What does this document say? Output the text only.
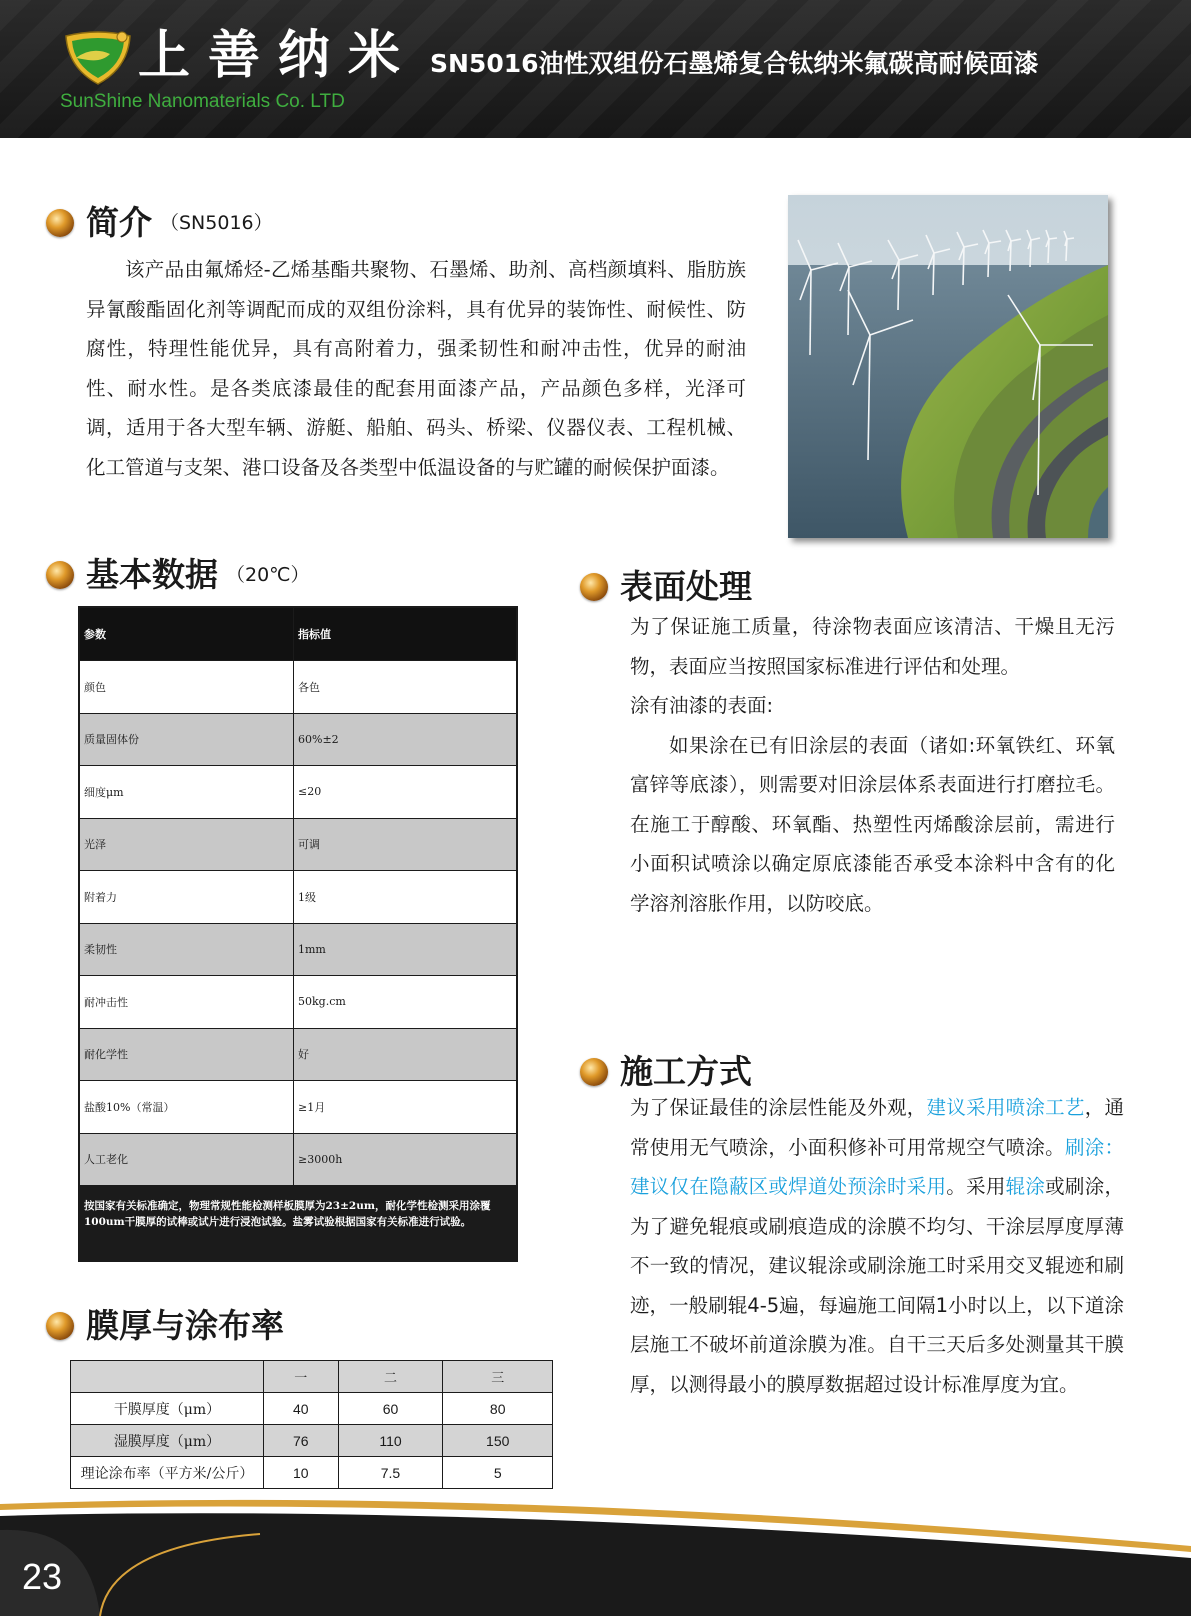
上善纳米
SunShine Nanomaterials Co. LTD
SN5016油性双组份石墨烯复合钛纳米氟碳高耐候面漆
简介 （SN5016）
该产品由氟烯烃-乙烯基酯共聚物、石墨烯、助剂、高档颜填料、脂肪族异氰酸酯固化剂等调配而成的双组份涂料，具有优异的装饰性、耐候性、防腐性，特理性能优异，具有高附着力，强柔韧性和耐冲击性，优异的耐油性、耐水性。是各类底漆最佳的配套用面漆产品，产品颜色多样，光泽可调，适用于各大型车辆、游艇、船舶、码头、桥梁、仪器仪表、工程机械、化工管道与支架、港口设备及各类型中低温设备的与贮罐的耐候保护面漆。
基本数据 （20℃）
参数	指标值
颜色	各色
质量固体份	60%±2
细度μm	≤20
光泽	可调
附着力	1级
柔韧性	1mm
耐冲击性	50kg.cm
耐化学性	好
盐酸10%（常温）	≥1月
人工老化	≥3000h
按国家有关标准确定，物理常规性能检测样板膜厚为23±2um，耐化学性检测采用涂覆100um干膜厚的试棒或试片进行浸泡试验。盐雾试验根据国家有关标准进行试验。
表面处理
为了保证施工质量，待涂物表面应该清洁、干燥且无污物，表面应当按照国家标准进行评估和处理。
涂有油漆的表面:
如果涂在已有旧涂层的表面（诸如:环氧铁红、环氧富锌等底漆），则需要对旧涂层体系表面进行打磨拉毛。在施工于醇酸、环氧酯、热塑性丙烯酸涂层前，需进行小面积试喷涂以确定原底漆能否承受本涂料中含有的化学溶剂溶胀作用，以防咬底。
施工方式
为了保证最佳的涂层性能及外观，建议采用喷涂工艺，通常使用无气喷涂，小面积修补可用常规空气喷涂。刷涂：建议仅在隐蔽区或焊道处预涂时采用。采用辊涂或刷涂，为了避免辊痕或刷痕造成的涂膜不均匀、干涂层厚度厚薄不一致的情况，建议辊涂或刷涂施工时采用交叉辊迹和刷迹，一般刷辊4-5遍，每遍施工间隔1小时以上，以下道涂层施工不破坏前道涂膜为准。自干三天后多处测量其干膜厚，以测得最小的膜厚数据超过设计标准厚度为宜。
膜厚与涂布率
	一	二	三
干膜厚度（μm）	40	60	80
湿膜厚度（μm）	76	110	150
理论涂布率（平方米/公斤）	10	7.5	5
23
